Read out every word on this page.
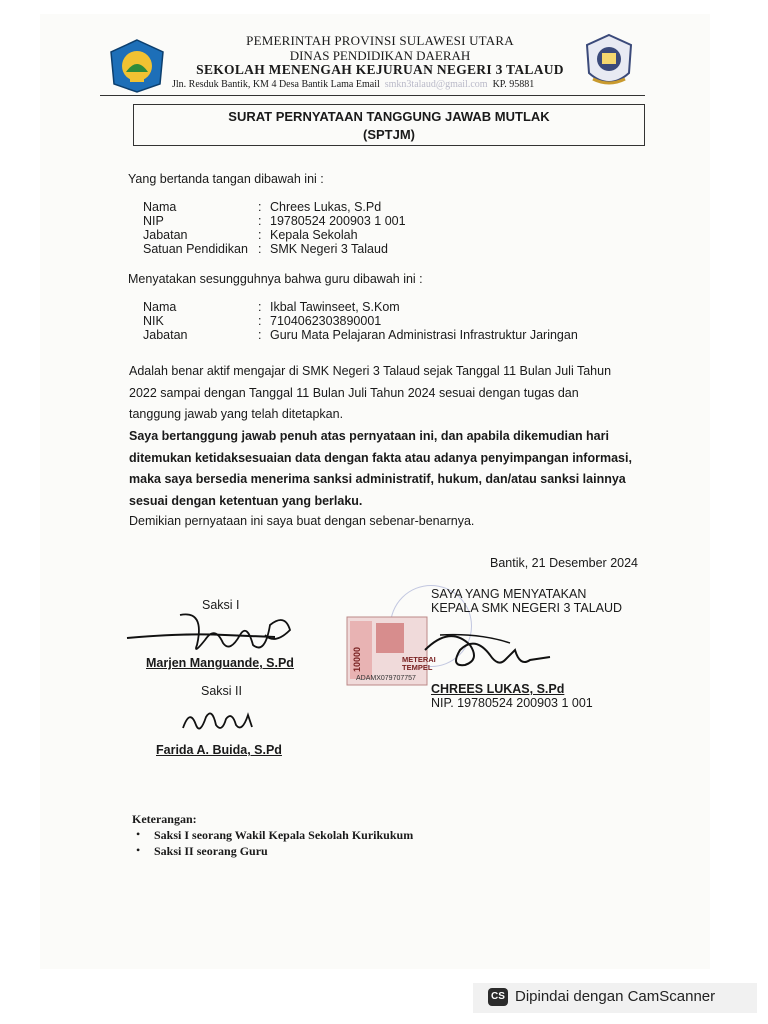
PEMERINTAH PROVINSI SULAWESI UTARA
DINAS PENDIDIKAN DAERAH
SEKOLAH MENENGAH KEJURUAN NEGERI 3 TALAUD
Jln. Resduk Bantik, KM 4 Desa Bantik Lama Email  smkn3talaud@gmail.com  KP. 95881
SURAT PERNYATAAN TANGGUNG JAWAB MUTLAK
(SPTJM)
Yang bertanda tangan dibawah ini :
Nama	: Chrees Lukas, S.Pd
NIP	: 19780524 200903 1 001
Jabatan	: Kepala Sekolah
Satuan Pendidikan : SMK Negeri 3 Talaud
Menyatakan sesungguhnya bahwa guru dibawah ini :
Nama	: Ikbal Tawinseet, S.Kom
NIK	: 7104062303890001
Jabatan	: Guru Mata Pelajaran Administrasi Infrastruktur Jaringan
Adalah benar aktif mengajar di SMK Negeri 3 Talaud sejak Tanggal 11 Bulan Juli Tahun
2022 sampai dengan Tanggal 11 Bulan Juli Tahun 2024 sesuai dengan tugas dan
tanggung jawab yang telah ditetapkan.
Saya bertanggung jawab penuh atas pernyataan ini, dan apabila dikemudian hari
ditemukan ketidaksesuaian data dengan fakta atau adanya penyimpangan informasi,
maka saya bersedia menerima sanksi administratif, hukum, dan/atau sanksi lainnya
sesuai dengan ketentuan yang berlaku.
Demikian pernyataan ini saya buat dengan sebenar-benarnya.
Bantik, 21 Desember 2024
SAYA YANG MENYATAKAN
KEPALA SMK NEGERI 3 TALAUD
10000	METERAI TEMPEL
ADAMX079707757
CHREES LUKAS, S.Pd
NIP. 19780524 200903 1 001
Saksi I
Marjen Manguande, S.Pd
Saksi II
Farida A. Buida, S.Pd
Keterangan:
• Saksi I seorang Wakil Kepala Sekolah Kurikukum
• Saksi II seorang Guru
CS Dipindai dengan CamScanner
